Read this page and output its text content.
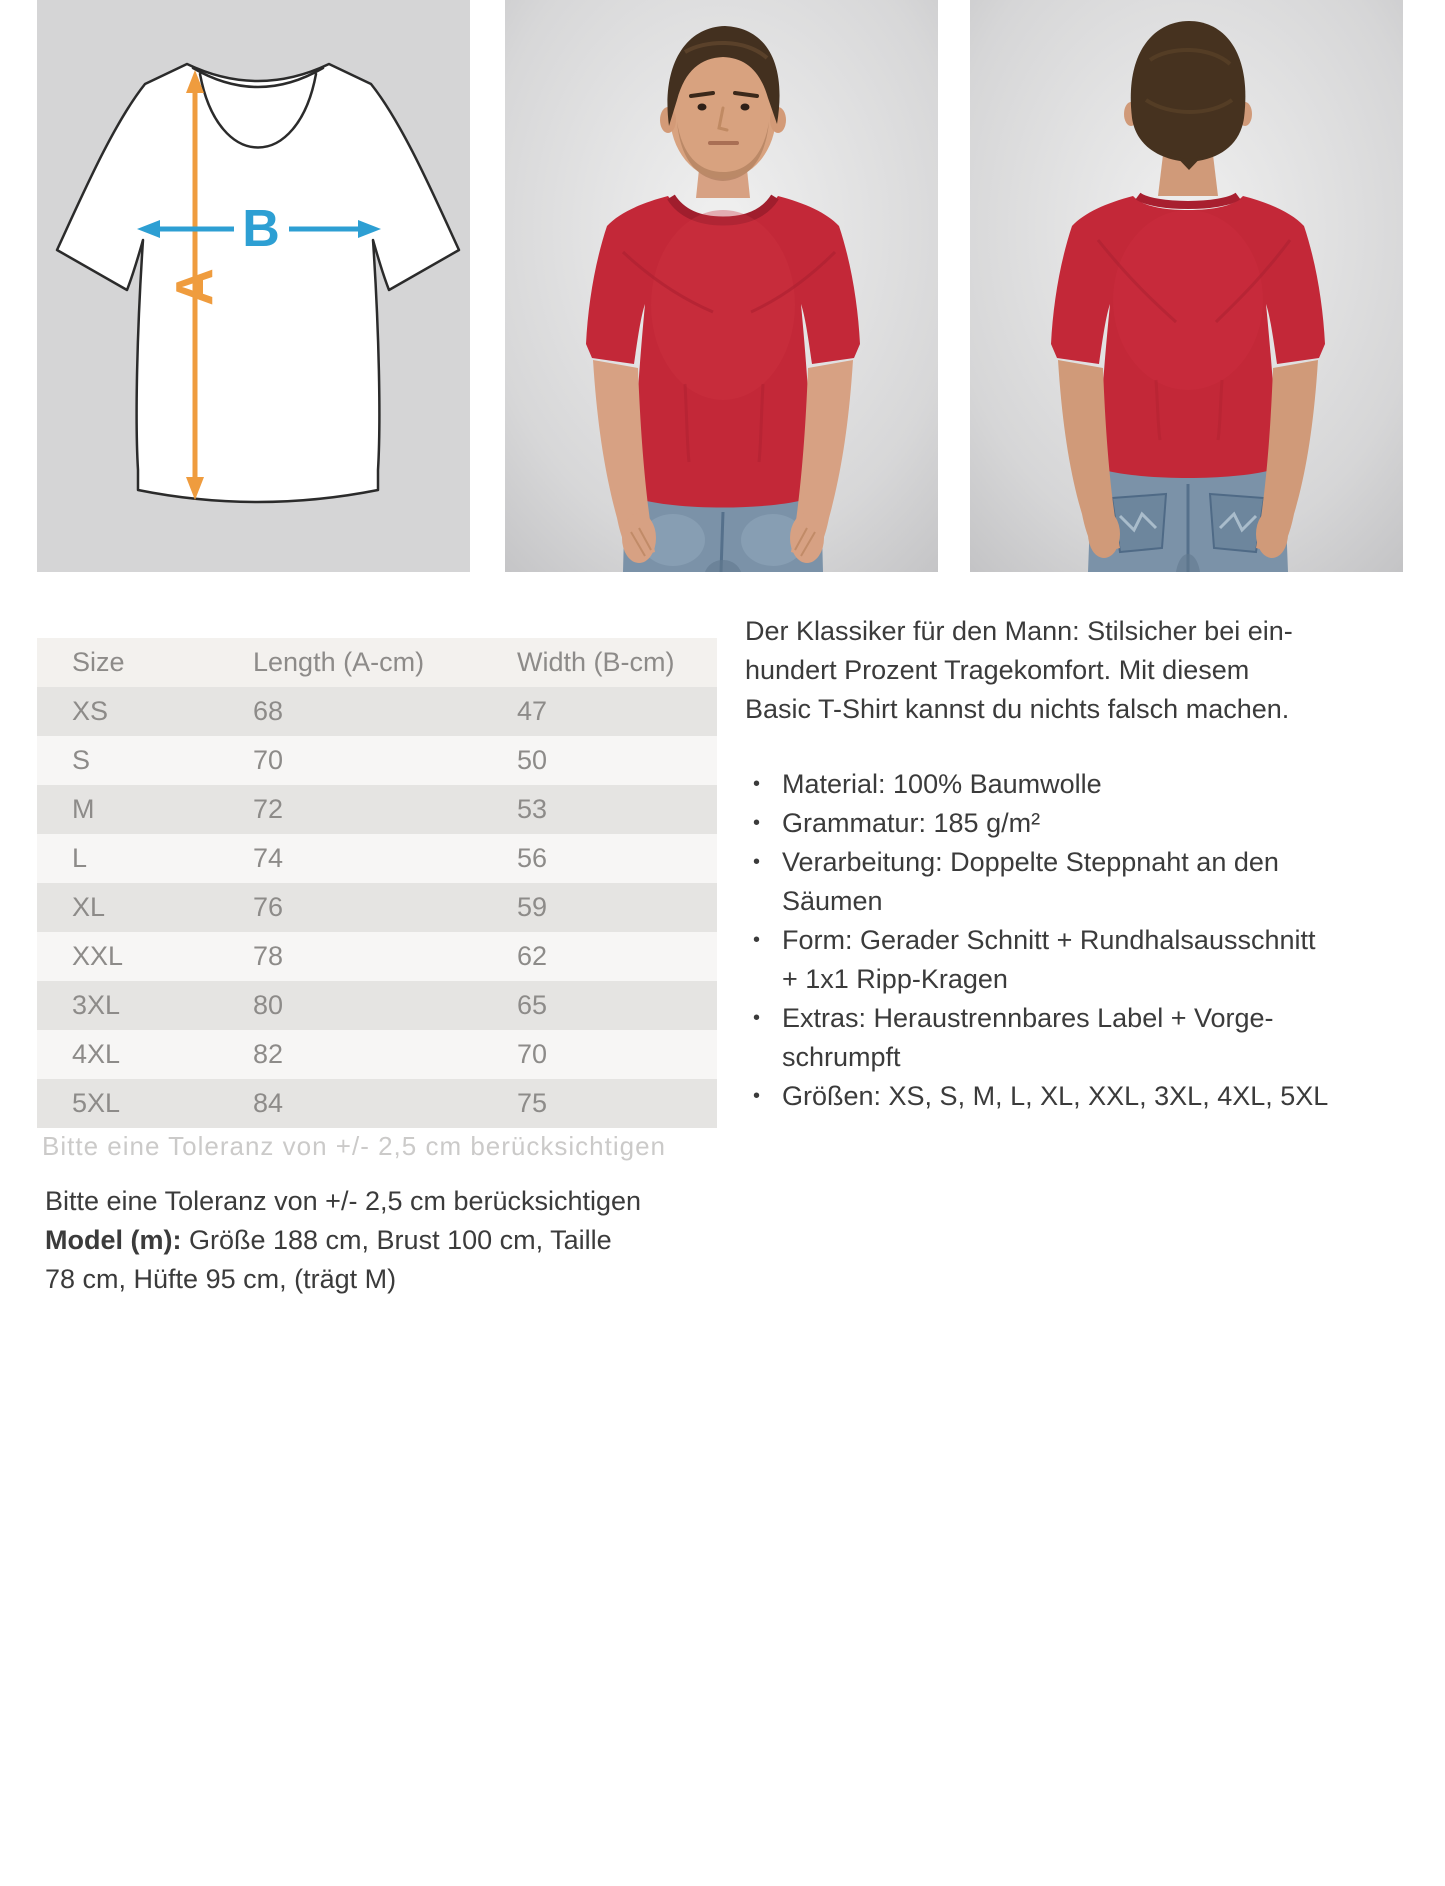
A
B
Size	Length (A-cm)	Width (B-cm)
XS	68	47
S	70	50
M	72	53
L	74	56
XL	76	59
XXL	78	62
3XL	80	65
4XL	82	70
5XL	84	75
Bitte eine Toleranz von +/- 2,5 cm berücksichtigen
Bitte eine Toleranz von +/- 2,5 cm berücksichtigen
Model (m): Größe 188 cm, Brust 100 cm, Taille
78 cm, Hüfte 95 cm, (trägt M)
Der Klassiker für den Mann: Stilsicher bei ein-
hundert Prozent Tragekomfort. Mit diesem
Basic T-Shirt kannst du nichts falsch machen.
• Material: 100% Baumwolle
• Grammatur: 185 g/m²
• Verarbeitung: Doppelte Steppnaht an den
Säumen
• Form: Gerader Schnitt + Rundhalsausschnitt
+ 1x1 Ripp-Kragen
• Extras: Heraustrennbares Label + Vorge-
schrumpft
• Größen: XS, S, M, L, XL, XXL, 3XL, 4XL, 5XL
